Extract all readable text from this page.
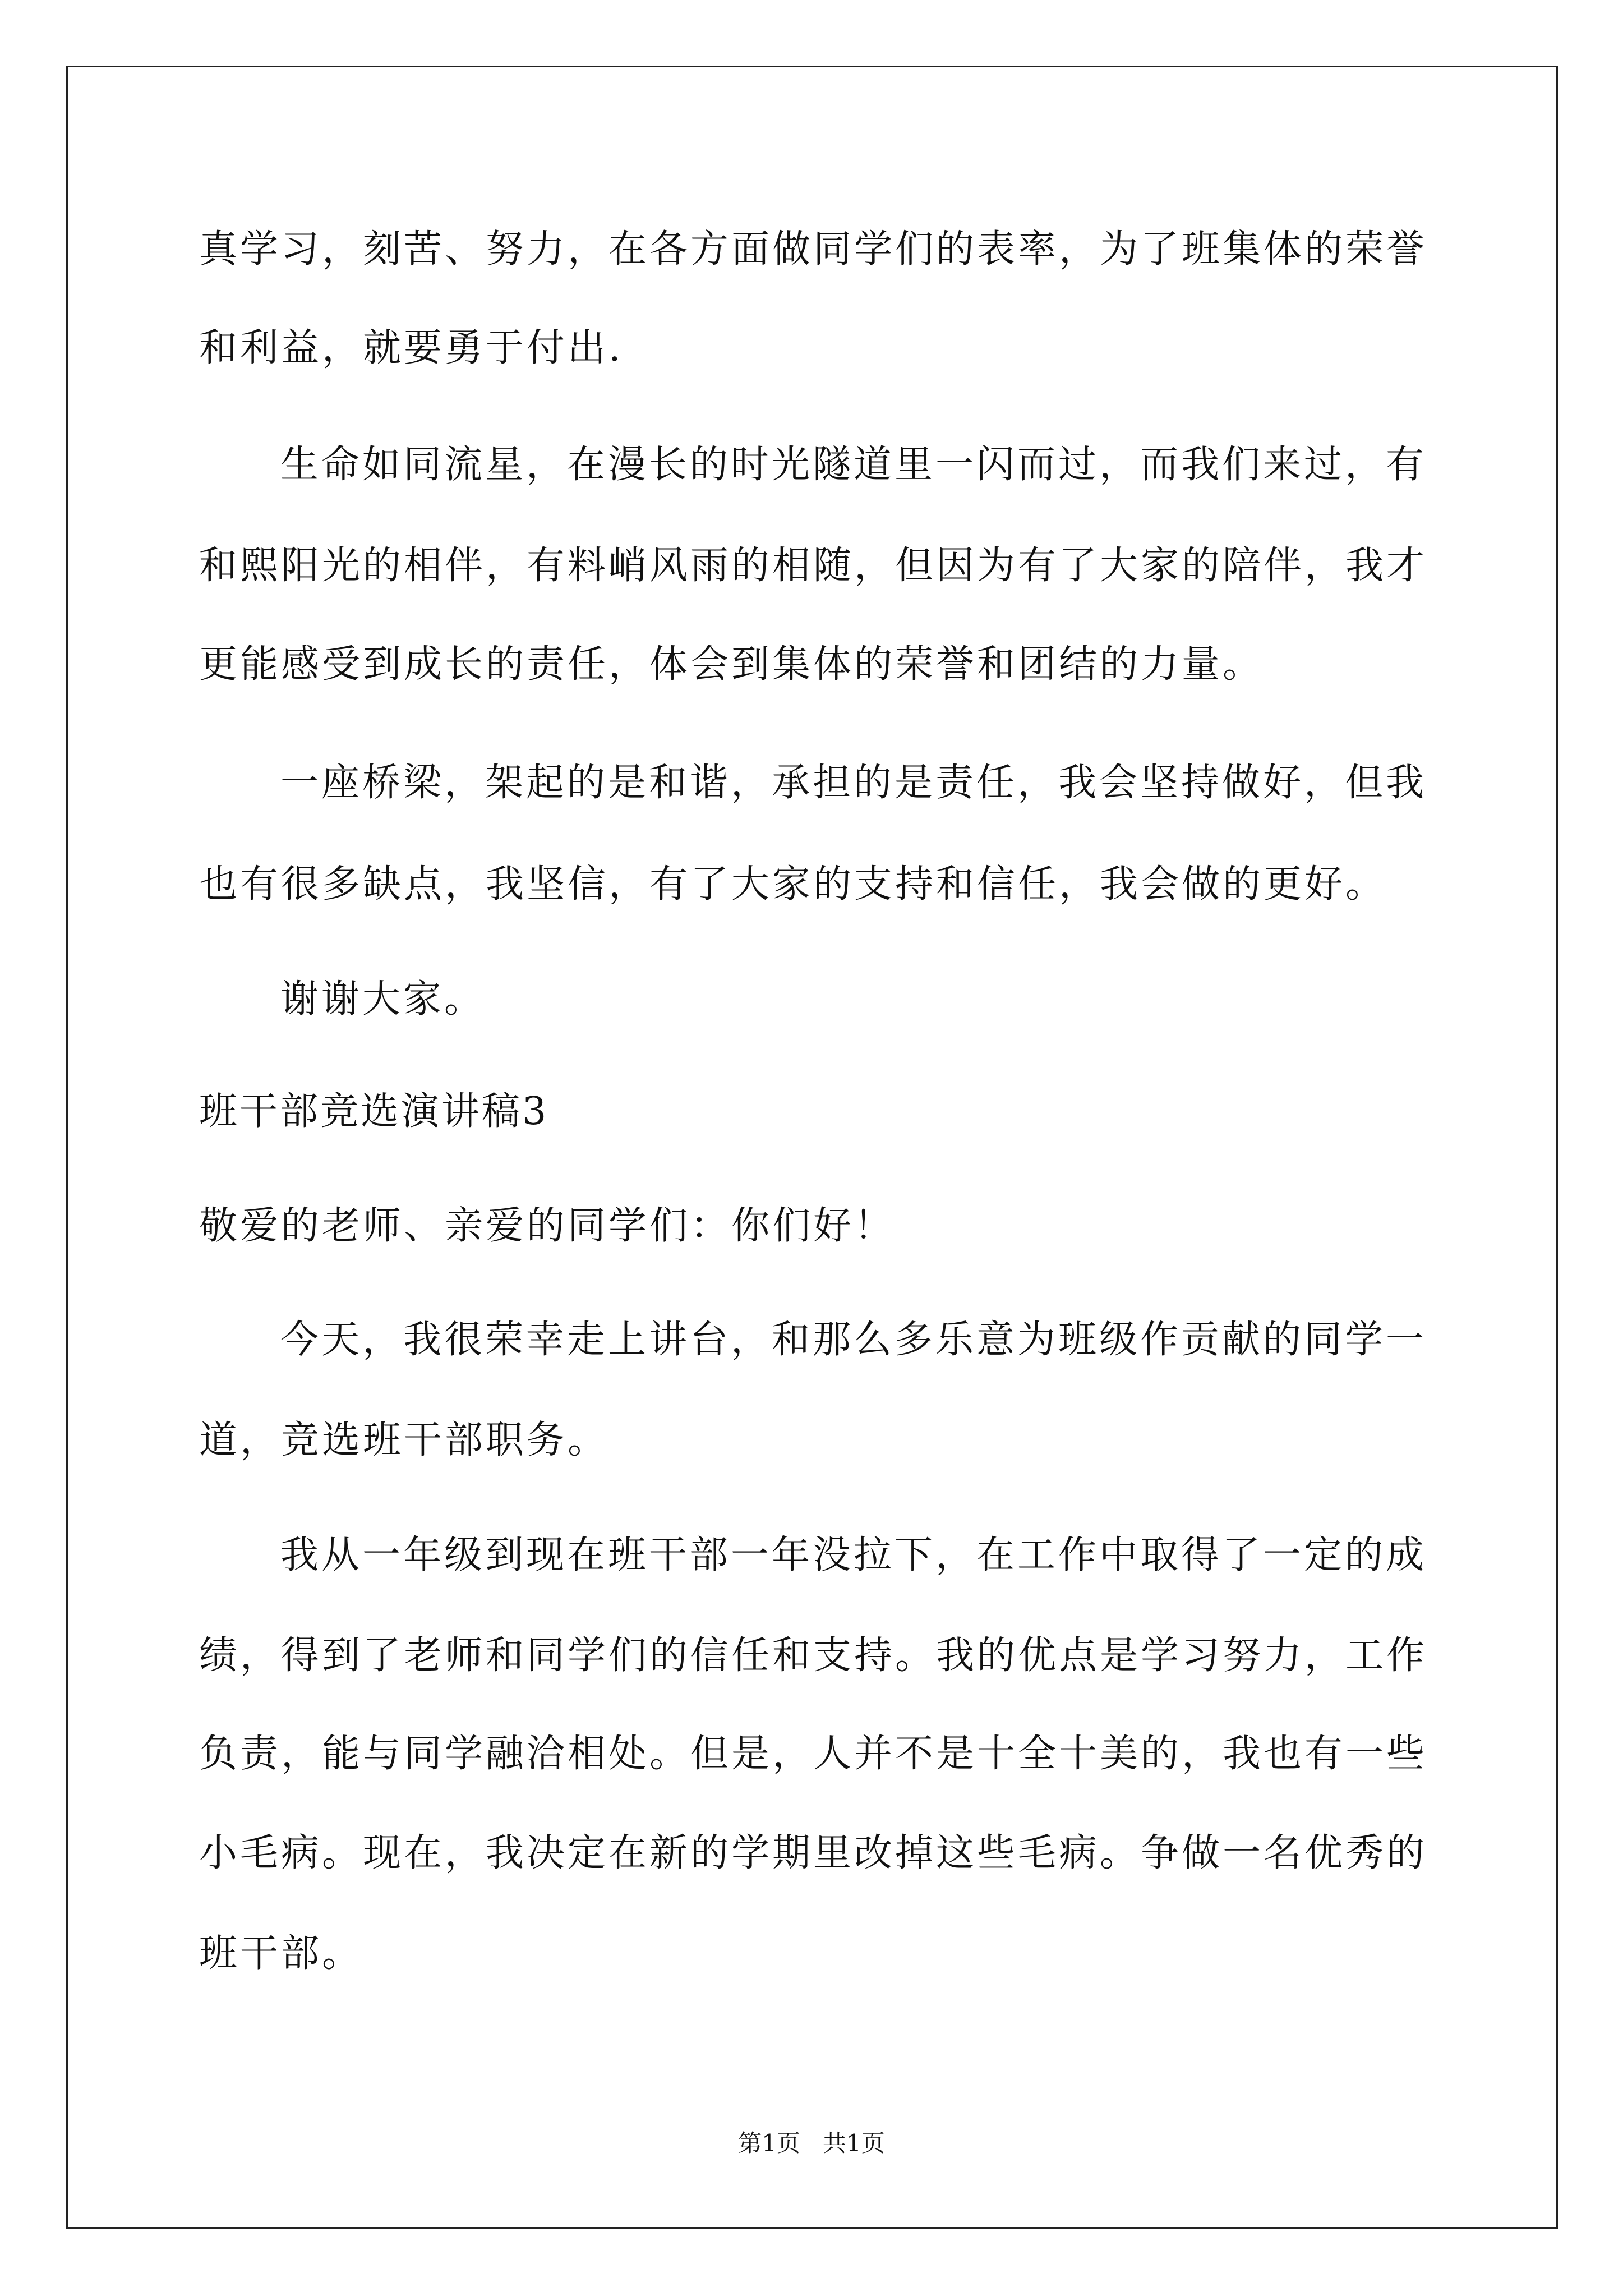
真学习，刻苦、努力，在各方面做同学们的表率，为了班集体的荣誉
和利益，就要勇于付出.
生命如同流星，在漫长的时光隧道里一闪而过，而我们来过，有
和熙阳光的相伴，有料峭风雨的相随，但因为有了大家的陪伴，我才
更能感受到成长的责任，体会到集体的荣誉和团结的力量。
一座桥梁，架起的是和谐，承担的是责任，我会坚持做好，但我
也有很多缺点，我坚信，有了大家的支持和信任，我会做的更好。
谢谢大家。
班干部竞选演讲稿3
敬爱的老师、亲爱的同学们：你们好！
今天，我很荣幸走上讲台，和那么多乐意为班级作贡献的同学一
道，竞选班干部职务。
我从一年级到现在班干部一年没拉下，在工作中取得了一定的成
绩，得到了老师和同学们的信任和支持。我的优点是学习努力，工作
负责，能与同学融洽相处。但是，人并不是十全十美的，我也有一些
小毛病。现在，我决定在新的学期里改掉这些毛病。争做一名优秀的
班干部。
第1页   共1页
